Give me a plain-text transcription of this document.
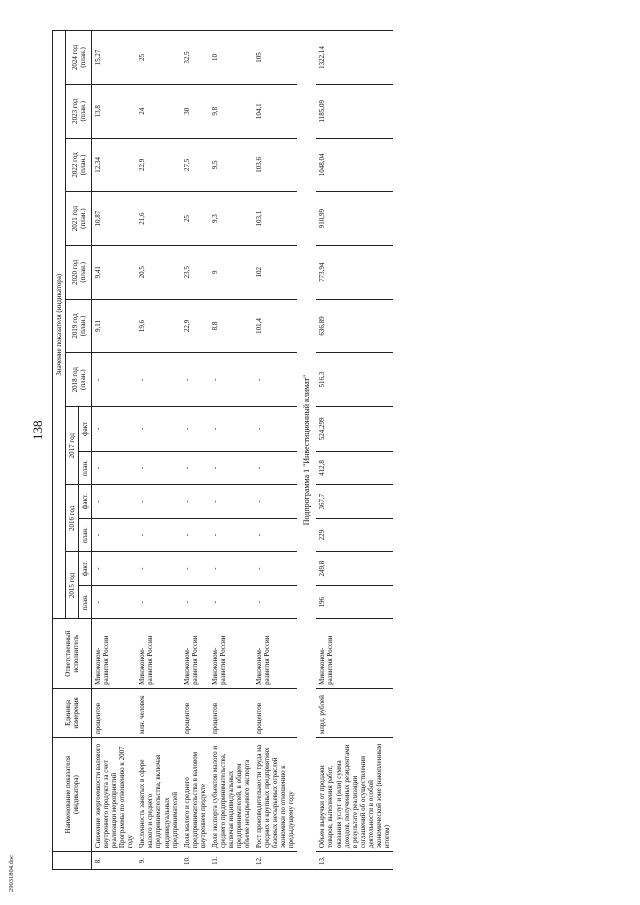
138
29031804.doc
	Наименование показателя (индикатора)	Единица измерения	Ответственный исполнитель	Значение показателя (индикатора)												
				2015 год		2016 год		2017 год		2018 год (план.)	2019 год (план.)	2020 год (план.)	2021 год (план.)	2022 год (план.)	2023 год (план.)	2024 год (план.)
				план.	факт.	план.	факт.	план.	факт							
8.	Снижение энергоемкости валового внутреннего продукта за счет реализации мероприятий Программы по отношению к 2007 году	процентов	Минэконом-развития России	-	-	-	-	-	-	-	9,11	9,41	10,87	12,34	13,8	15,27
9.	Численность занятых в сфере малого и среднего предпринимательства, включая индивидуальных предпринимателей	млн. человек	Минэконом-развития России	-	-	-	-	-	-	-	19,6	20,5	21,6	22,9	24	25
10.	Доля малого и среднего предпринимательства в валовом внутреннем продукте	процентов	Минэконом-развития России	-	-	-	-	-	-	-	22,9	23,5	25	27,5	30	32,5
11.	Доля экспорта субъектов малого и среднего предпринимательства, включая индивидуальных предпринимателей, в общем объеме несырьевого экспорта	процентов	Минэконом-развития России	-	-	-	-	-	-	-	8,8	9	9,3	9,5	9,8	10
12.	Рост производительности труда на средних и крупных предприятиях базовых несырьевых отраслей экономики по отношению к предыдущему году	процентов	Минэконом-развития России	-	-	-	-	-	-	-	101,4	102	103,1	103,6	104,1	105
Подпрограмма 1 "Инвестиционный климат"																
13.	Объем выручки от продажи товаров, выполнения работ, оказания услуг и (или) сумма доходов, полученных резидентами в результате реализации соглашений об осуществлении деятельности в особой экономической зоне (накопленным итогом)	млрд. рублей	Минэконом-развития России	196	249,8	229	367,7	412,8	524,299	516,3	636,89	773,94	910,99	1048,04	1185,09	1322,14
